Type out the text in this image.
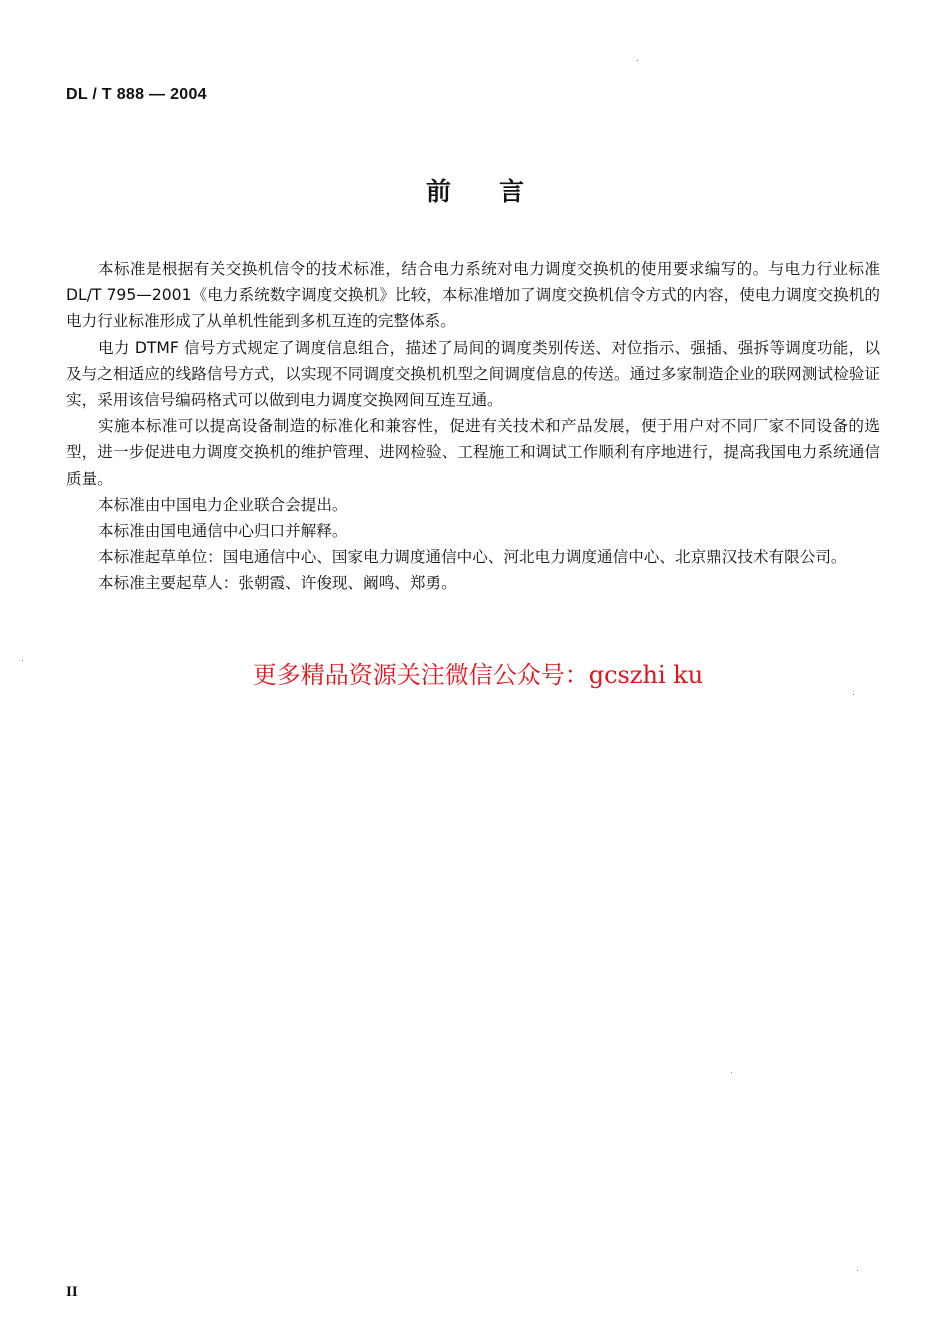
DL / T 888 — 2004
前言

本标准是根据有关交换机信令的技术标准，结合电力系统对电力调度交换机的使用要求编写的。与电力行业标准 DL/T 795—2001《电力系统数字调度交换机》比较，本标准增加了调度交换机信令方式的内容，使电力调度交换机的电力行业标准形成了从单机性能到多机互连的完整体系。

电力 DTMF 信号方式规定了调度信息组合，描述了局间的调度类别传送、对位指示、强插、强拆等调度功能，以及与之相适应的线路信号方式，以实现不同调度交换机机型之间调度信息的传送。通过多家制造企业的联网测试检验证实，采用该信号编码格式可以做到电力调度交换网间互连互通。

实施本标准可以提高设备制造的标准化和兼容性，促进有关技术和产品发展，便于用户对不同厂家不同设备的选型，进一步促进电力调度交换机的维护管理、进网检验、工程施工和调试工作顺利有序地进行，提高我国电力系统通信质量。

本标准由中国电力企业联合会提出。

本标准由国电通信中心归口并解释。

本标准起草单位：国电通信中心、国家电力调度通信中心、河北电力调度通信中心、北京鼎汉技术有限公司。

本标准主要起草人：张朝霞、许俊现、阚鸣、郑勇。

更多精品资源关注微信公众号：gcszhi ku
II
